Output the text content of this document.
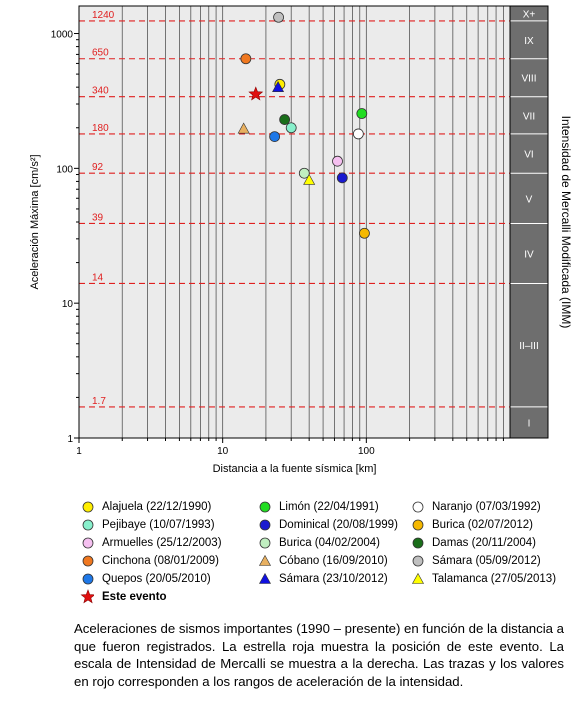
1.7
14
39
92
180
340
650
1240
I
II–III
IV
V
VI
VII
VIII
IX
X+
1	10	100
1
10
100
1000
Distancia a la fuente sísmica [km]
Aceleración Máxima [cm/s²]	Intensidad de Mercalli Modificada (IMM)
Alajuela (22/12/1990)	Limón (22/04/1991)	Naranjo (07/03/1992)
Pejibaye (10/07/1993)	Dominical (20/08/1999)	Burica (02/07/2012)
Armuelles (25/12/2003)	Burica (04/02/2004)	Damas (20/11/2004)
Cinchona (08/01/2009)	Cóbano (16/09/2010)	Sámara (05/09/2012)
Quepos (20/05/2010)	Sámara (23/10/2012)	Talamanca (27/05/2013)
Este evento
Aceleraciones de sismos importantes (1990 – presente) en función de la distancia a que fueron registrados. La estrella roja muestra la posición de este evento. La escala de Intensidad de Mercalli se muestra a la derecha. Las trazas y los valores en rojo corresponden a los rangos de aceleración de la intensidad.
